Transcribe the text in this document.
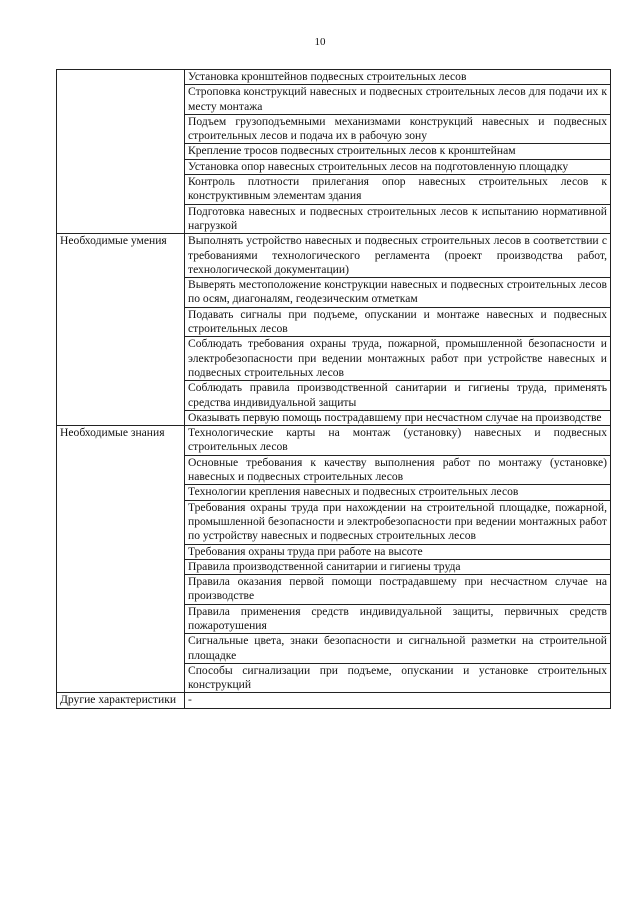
10
	Установка кронштейнов подвесных строительных лесов
	Строповка конструкций навесных и подвесных строительных лесов для подачи их к месту монтажа
	Подъем грузоподъемными механизмами конструкций навесных и подвесных строительных лесов и подача их в рабочую зону
	Крепление тросов подвесных строительных лесов к кронштейнам
	Установка опор навесных строительных лесов на подготовленную площадку
	Контроль плотности прилегания опор навесных строительных лесов к конструктивным элементам здания
	Подготовка навесных и подвесных строительных лесов к испытанию нормативной нагрузкой
Необходимые умения	Выполнять устройство навесных и подвесных строительных лесов в соответствии с требованиями технологического регламента (проект производства работ, технологической документации)
	Выверять местоположение конструкции навесных и подвесных строительных лесов по осям, диагоналям, геодезическим отметкам
	Подавать сигналы при подъеме, опускании и монтаже навесных и подвесных строительных лесов
	Соблюдать требования охраны труда, пожарной, промышленной безопасности и электробезопасности при ведении монтажных работ при устройстве навесных и подвесных строительных лесов
	Соблюдать правила производственной санитарии и гигиены труда, применять средства индивидуальной защиты
	Оказывать первую помощь пострадавшему при несчастном случае на производстве
Необходимые знания	Технологические карты на монтаж (установку) навесных и подвесных строительных лесов
	Основные требования к качеству выполнения работ по монтажу (установке) навесных и подвесных строительных лесов
	Технологии крепления навесных и подвесных строительных лесов
	Требования охраны труда при нахождении на строительной площадке, пожарной, промышленной безопасности и электробезопасности при ведении монтажных работ по устройству навесных и подвесных строительных лесов
	Требования охраны труда при работе на высоте
	Правила производственной санитарии и гигиены труда
	Правила оказания первой помощи пострадавшему при несчастном случае на производстве
	Правила применения средств индивидуальной защиты, первичных средств пожаротушения
	Сигнальные цвета, знаки безопасности и сигнальной разметки на строительной площадке
	Способы сигнализации при подъеме, опускании и установке строительных конструкций
Другие характеристики	-
